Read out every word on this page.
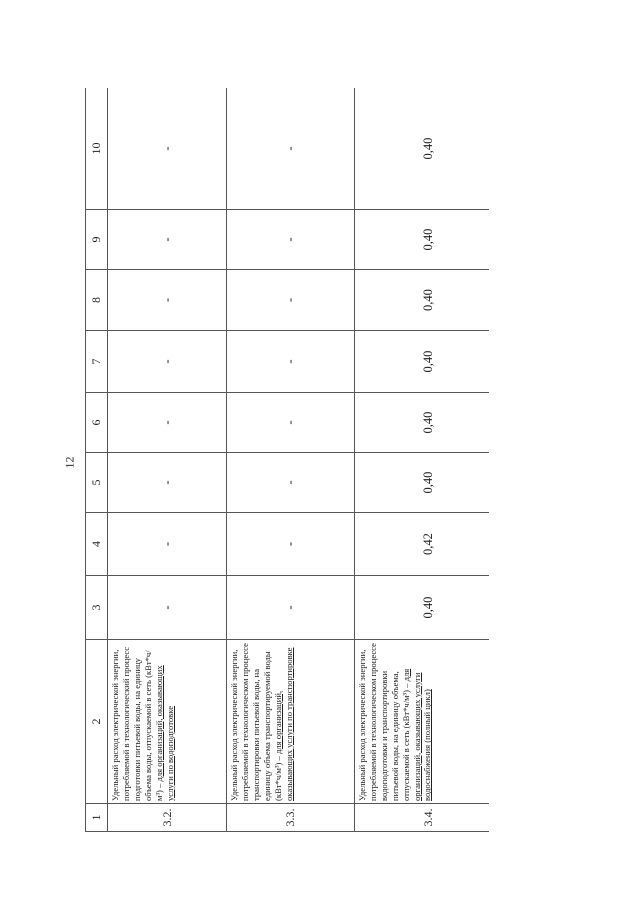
12
1	2	3	4	5	6	7	8	9	10
3.2.	Удельный расход электрической энергии, потребляемой в технологический процесс подготовки питьевой воды, на единицу объема воды, отпускаемой в сеть (кВт*ч/м³) – для организаций, оказывающих услуги по водоподготовке	-	-	-	-	-	-	-	-
3.3.	Удельный расход электрической энергии, потребляемой в технологическом процессе транспортировки питьевой воды, на единицу объема транспортируемой воды (кВт*ч/м³) – для организаций, оказывающих услуги по транспортировке	-	-	-	-	-	-	-	-
3.4.	Удельный расход электрической энергии, потребляемой в технологическом процессе водоподготовки и транспортировки питьевой воды, на единицу объема, отпускаемой в сеть (кВт*ч/м³) – для организаций, оказывающих услуги водоснабжения (полный цикл)	0,40	0,42	0,40	0,40	0,40	0,40	0,40	0,40
